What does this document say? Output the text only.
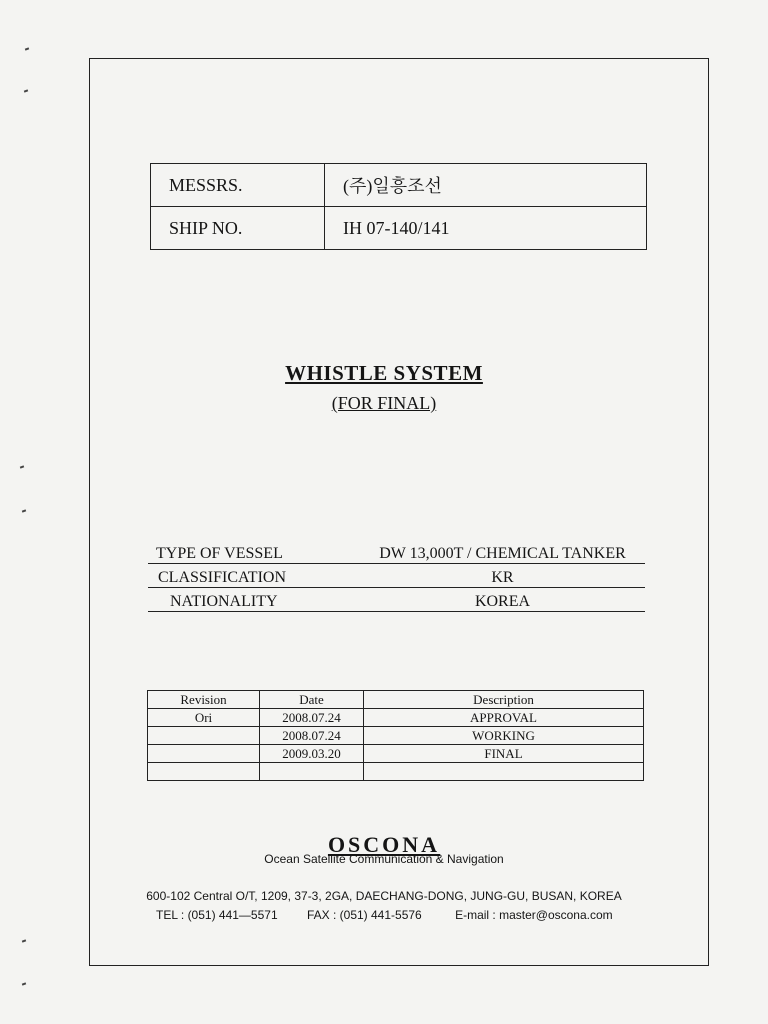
MESSRS.	(주)일흥조선
SHIP NO.	IH 07-140/141
WHISTLE SYSTEM
(FOR FINAL)
TYPE OF VESSEL	DW 13,000T / CHEMICAL TANKER
CLASSIFICATION	KR
NATIONALITY	KOREA
Revision	Date	Description
Ori	2008.07.24	APPROVAL
	2008.07.24	WORKING
	2009.03.20	FINAL

OSCONA
Ocean Satellite Communication & Navigation
600-102 Central O/T, 1209, 37-3, 2GA, DAECHANG-DONG, JUNG-GU, BUSAN, KOREA
TEL : (051) 441—5571 FAX : (051) 441-5576	E-mail : master@oscona.com
